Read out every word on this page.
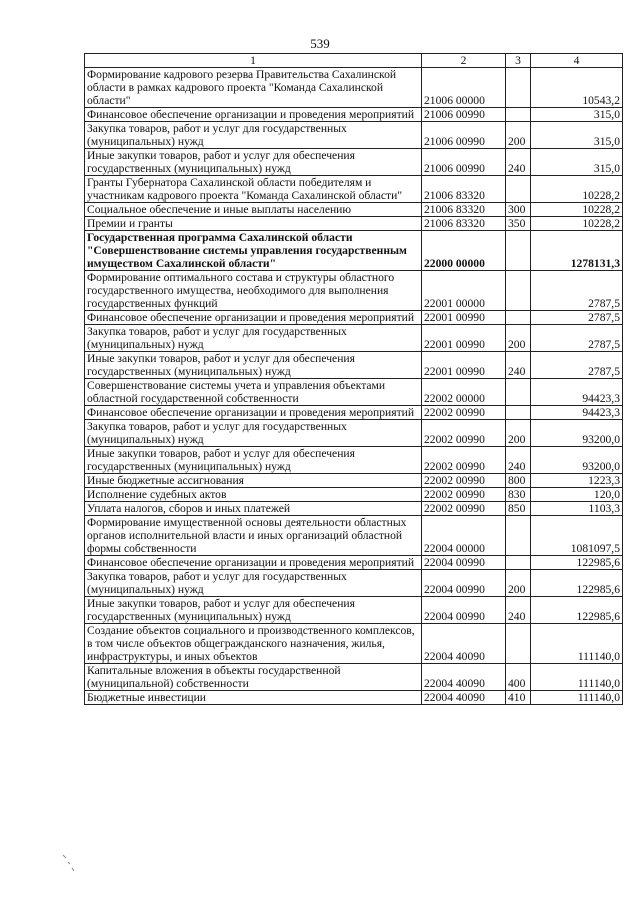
539
1	2	3	4
Формирование кадрового резерва Правительства Сахалинской области в рамках кадрового проекта "Команда Сахалинской области"	21006 00000		10543,2
Финансовое обеспечение организации и проведения мероприятий	21006 00990		315,0
Закупка товаров, работ и услуг для государственных (муниципальных) нужд	21006 00990	200	315,0
Иные закупки товаров, работ и услуг для обеспечения государственных (муниципальных) нужд	21006 00990	240	315,0
Гранты Губернатора Сахалинской области победителям и участникам кадрового проекта "Команда Сахалинской области"	21006 83320		10228,2
Социальное обеспечение и иные выплаты населению	21006 83320	300	10228,2
Премии и гранты	21006 83320	350	10228,2
Государственная программа Сахалинской области "Совершенствование системы управления государственным имуществом Сахалинской области"	22000 00000		1278131,3
Формирование оптимального состава и структуры областного государственного имущества, необходимого для выполнения государственных функций	22001 00000		2787,5
Финансовое обеспечение организации и проведения мероприятий	22001 00990		2787,5
Закупка товаров, работ и услуг для государственных (муниципальных) нужд	22001 00990	200	2787,5
Иные закупки товаров, работ и услуг для обеспечения государственных (муниципальных) нужд	22001 00990	240	2787,5
Совершенствование системы учета и управления объектами областной государственной собственности	22002 00000		94423,3
Финансовое обеспечение организации и проведения мероприятий	22002 00990		94423,3
Закупка товаров, работ и услуг для государственных (муниципальных) нужд	22002 00990	200	93200,0
Иные закупки товаров, работ и услуг для обеспечения государственных (муниципальных) нужд	22002 00990	240	93200,0
Иные бюджетные ассигнования	22002 00990	800	1223,3
Исполнение судебных актов	22002 00990	830	120,0
Уплата налогов, сборов и иных платежей	22002 00990	850	1103,3
Формирование имущественной основы деятельности областных органов исполнительной власти и иных организаций областной формы собственности	22004 00000		1081097,5
Финансовое обеспечение организации и проведения мероприятий	22004 00990		122985,6
Закупка товаров, работ и услуг для государственных (муниципальных) нужд	22004 00990	200	122985,6
Иные закупки товаров, работ и услуг для обеспечения государственных (муниципальных) нужд	22004 00990	240	122985,6
Создание объектов социального и производственного комплексов, в том числе объектов общегражданского назначения, жилья, инфраструктуры, и иных объектов	22004 40090		111140,0
Капитальные вложения в объекты государственной (муниципальной) собственности	22004 40090	400	111140,0
Бюджетные инвестиции	22004 40090	410	111140,0
